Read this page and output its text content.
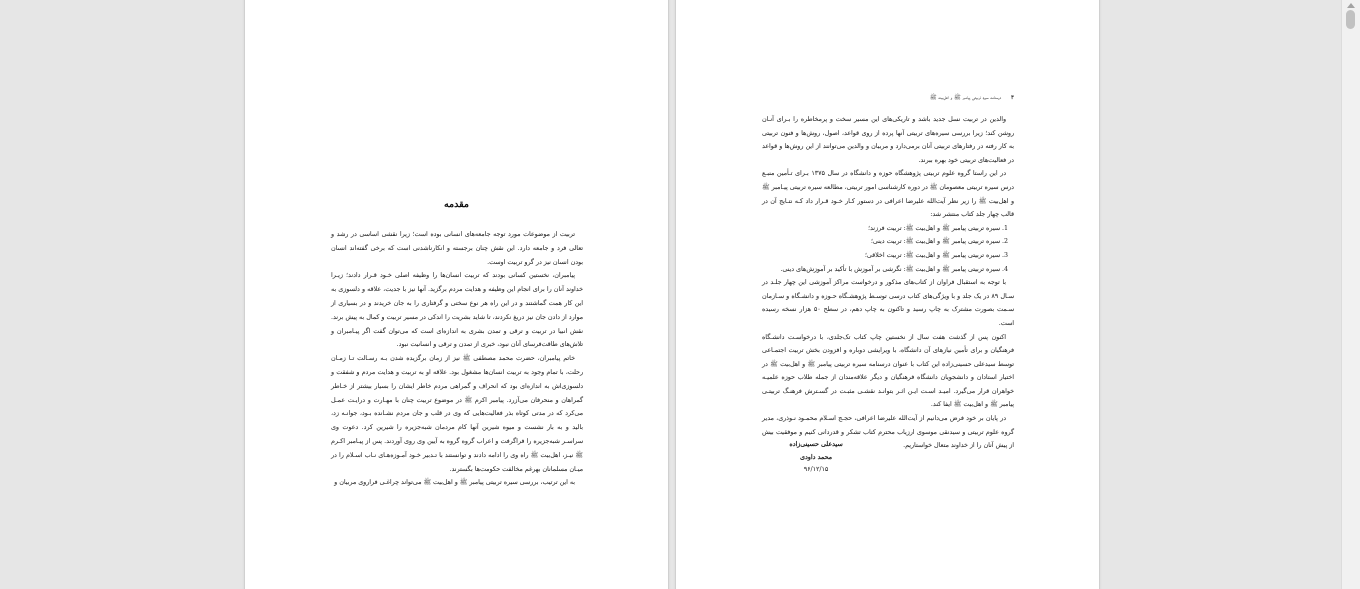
مقدمه

تربیت از موضوعات مورد توجه جامعه‌های انسانی بوده است؛ زیرا نقشی اساسی در رشد و تعالی فرد و جامعه دارد. این نقش چنان برجسته و انکارناشدنی است که برخی گفته‌اند انسان بودن انسان نیز در گرو تربیت اوست.

پیامبران، نخستین کسانی بودند که تربیت انسان‌ها را وظیفه اصلی خـود قـرار دادند؛ زیـرا خداوند آنان را برای انجام این وظیفه و هدایت مردم برگزید. آنها نیز با جدیت، علاقه و دلسوزی به این کار همت گماشتند و در این راه هر نوع سختی و گرفتاری را به جان خریدند و در بسیاری از موارد از دادن جان نیز دریغ نکردند، تا شاید بشریت را اندکی در مسیر تربیت و کمال به پیش برند. نقش انبیا در تربیت و ترقی و تمدن بشری به اندازه‌ای است که می‌توان گفت اگر پیـامبران و تلاش‌های طاقت‌فرسای آنان نبود، خبری از تمدن و ترقی و انسانیت نبود.

خاتم پیامبران، حضرت محمد مصطفی ﷺ نیز از زمان برگزیده شدن بـه رسـالت تـا زمـان رحلت، با تمام وجود به تربیت انسان‌ها مشغول بود. علاقه او به تربیت و هدایت مردم و شفقت و دلسوزی‌اش به اندازه‌ای بود که انحراف و گمراهی مردم خاطر ایشان را بسیار بیشتر از خـاطر گمراهان و منحرفان می‌آزرد. پیامبر اکرم ﷺ در موضوع تربیت چنان با مهـارت و درایـت عمـل می‌کرد که در مدتی کوتاه بذر فعالیت‌هایی که وی در قلب و جان مردم نشـانده بـود، جوانـه زد، بالید و به بار نشست و میوه شیرین آنها کام مردمان شبه‌جزیره را شیرین کرد. دعوت وی سراسـر شبه‌جزیره را فراگرفت و اعراب گروه گروه به آیین وی روی آوردند. پس از پیـامبر اکـرم ﷺ نیـز، اهل‌بیت ﷺ راه وی را ادامه دادند و توانستند با تـدبیر خـود آمـوزه‌هـای نـاب اسـلام را در میـان مسلمانان بهرغم مخالفت حکومت‌ها بگسترند.

به این ترتیب، بررسی سیره تربیتی پیامبر ﷺ و اهل‌بیت ﷺ می‌تواند چراغـی فراروی مربیان و

۴ درسنامه سیره تربیتی پیامبر ﷺ و اهل‌بیت ﷺ

والدین در تربیت نسل جدید باشد و تاریکی‌های این مسیر سخت و پرمخاطره را بـرای آنـان روشن کند؛ زیرا بررسی سیره‌های تربیتی آنها پرده از روی قواعد، اصول، روش‌ها و فنون تربیتی به کار رفته در رفتارهای تربیتی آنان برمی‌دارد و مربیان و والدین می‌توانند از این روش‌ها و قواعد در فعالیت‌های تربیتی خود بهره ببرند.

در این راستا گروه علوم تربیتی پژوهشگاه حوزه و دانشگاه در سال ۱۳۷۵ بـرای تـأمین منبـع درس سیره تربیتی معصومان ﷺ در دوره کارشناسی امور تربیتی، مطالعه سیره تربیتی پیـامبر ﷺ و اهل‌بیت ﷺ را زیر نظر آیت‌الله علیرضا اعرافی در دستور کـار خـود قـرار داد کـه نتـایج آن در قالب چهار جلد کتاب منتشر شد:

1. سیره تربیتی پیامبر ﷺ و اهل‌بیت ﷺ: تربیت فرزند؛
2. سیره تربیتی پیامبر ﷺ و اهل‌بیت ﷺ: تربیت دینی؛
3. سیره تربیتی پیامبر ﷺ و اهل‌بیت ﷺ: تربیت اخلاقی؛
4. سیره تربیتی پیامبر ﷺ و اهل‌بیت ﷺ: نگرشی بر آموزش با تأکید بر آموزش‌های دینی.

با توجه به استقبال فراوان از کتاب‌های مذکور و درخواست مراکز آموزشی این چهار جلـد در سـال ۸۹ در یک جلد و با ویژگی‌های کتاب درسی توسـط پژوهشـگاه حـوزه و دانشـگاه و سـازمان سـمت بصورت مشترک به چاپ رسید و تاکنون به چاپ دهم، در سطح ۵۰ هزار نسخه رسیده است.

اکنون پس از گذشت هفت سال از نخستین چاپ کتاب تک‌جلدی، با درخواسـت دانشـگاه فرهنگیان و برای تأمین نیازهای آن دانشگاه، با ویرایشی دوباره و افزودن بخش تربیت اجتمـاعی توسط سیدعلی حسینی‌زاده این کتاب با عنوان درسنامه سیره تربیتی پیامبر ﷺ و اهل‌بیت ﷺ در اختیار استادان و دانشجویان دانشگاه فرهنگیان و دیگر علاقه‌مندان از جمله طلاب حوزه علمیـه خواهران قرار می‌گیرد. امیـد اسـت ایـن اثـر بتوانـد نقشـی مثبـت در گسـترش فرهنـگ تربیتـی پیامبر ﷺ و اهل‌بیت ﷺ ایفا کند.

در پایان بر خود فرض می‌دانیم از آیت‌الله علیرضا اعرافی، حجـج اسـلام محمـود نـوذری، مدیر گروه علوم تربیتی و سیدنقی موسوی ارزیاب محترم کتاب تشکر و قدردانی کنیم و موفقیت بیش از پیش آنان را از خداوند متعال خواستاریم.

سیدعلی حسینی‌زاده
محمد داودی
۹۶/۱۲/۱۵
